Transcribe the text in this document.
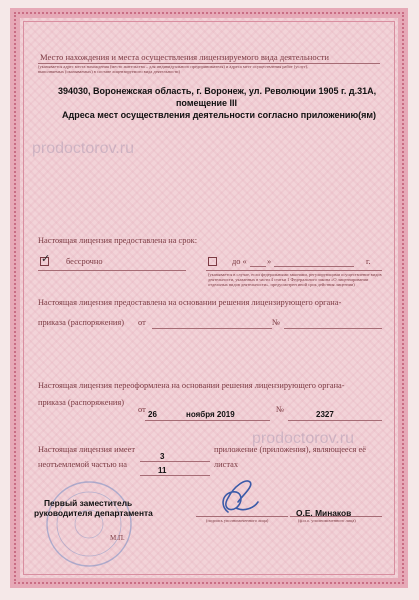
Место нахождения и места осуществления лицензируемого вида деятельности
(указывается адрес места нахождения (место жительства – для индивидуального предпринимателя) и адреса мест осуществления работ (услуг),
выполняемых (оказываемых) в составе лицензируемого вида деятельности)
394030, Воронежская область, г. Воронеж, ул. Революции 1905 г. д.31А,
помещение III
Адреса мест осуществления деятельности согласно приложению(ям)
prodoctorov.ru
Настоящая лицензия предоставлена на срок:
✓ бессрочно	до « »	г.
(указывается в случае, если федеральными законами, регулирующими осуществление видов деятельности, указанных в части 4 статьи 1 Федерального закона «О лицензировании отдельных видов деятельности», предусмотрен иной срок действия лицензии)
Настоящая лицензия предоставлена на основании решения лицензирующего органа-
приказа (распоряжения) от	№
Настоящая лицензия переоформлена на основании решения лицензирующего органа-
приказа (распоряжения)
от
26	ноября 2019
№
2327
prodoctorov.ru
Настоящая лицензия имеет	приложение (приложения), являющееся её
3
неотъемлемой частью на
11
листах
Первый заместитель
руководителя департамента
(подпись уполномоченного лица)
О.Е. Минаков
(ф.и.о. уполномоченного лица)
М.П.
